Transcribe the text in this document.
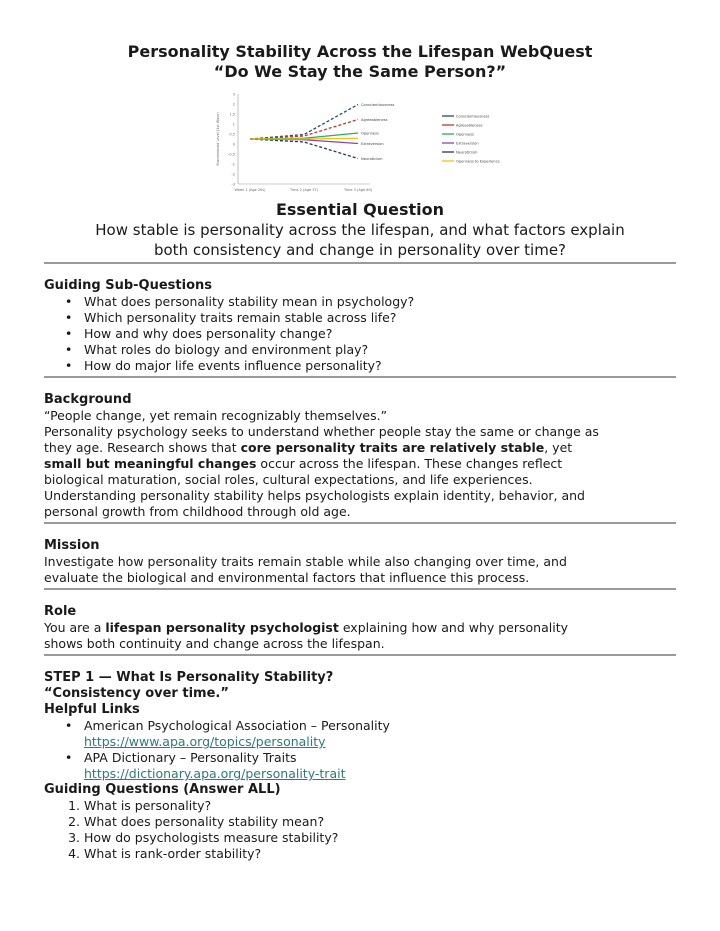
Personality Stability Across the Lifespan WebQuest
“Do We Stay the Same Person?”
3
2
1.5
1
0.5
0
-0.5
-1
-2
-3
Standardized Level (1st Wave)
Week 1 (Age 20s)	Time 2 (Age 37)	Time 3 (Age 60)
Conscientiousness
Agreeableness
Openness
Extraversion
Neuroticism
Conscientiousness
Agreeableness
Openness
Extraversion
Neuroticism
Openness to Experience
Essential Question
How stable is personality across the lifespan, and what factors explain
both consistency and change in personality over time?
Guiding Sub-Questions
• What does personality stability mean in psychology?
• Which personality traits remain stable across life?
• How and why does personality change?
• What roles do biology and environment play?
• How do major life events influence personality?
Background
“People change, yet remain recognizably themselves.”
Personality psychology seeks to understand whether people stay the same or change as
they age. Research shows that core personality traits are relatively stable, yet
small but meaningful changes occur across the lifespan. These changes reflect
biological maturation, social roles, cultural expectations, and life experiences.
Understanding personality stability helps psychologists explain identity, behavior, and
personal growth from childhood through old age.
Mission
Investigate how personality traits remain stable while also changing over time, and
evaluate the biological and environmental factors that influence this process.
Role
You are a lifespan personality psychologist explaining how and why personality
shows both continuity and change across the lifespan.
STEP 1 — What Is Personality Stability?
“Consistency over time.”
Helpful Links
• American Psychological Association – Personality
https://www.apa.org/topics/personality
• APA Dictionary – Personality Traits
https://dictionary.apa.org/personality-trait
Guiding Questions (Answer ALL)
1. What is personality?
2. What does personality stability mean?
3. How do psychologists measure stability?
4. What is rank-order stability?
